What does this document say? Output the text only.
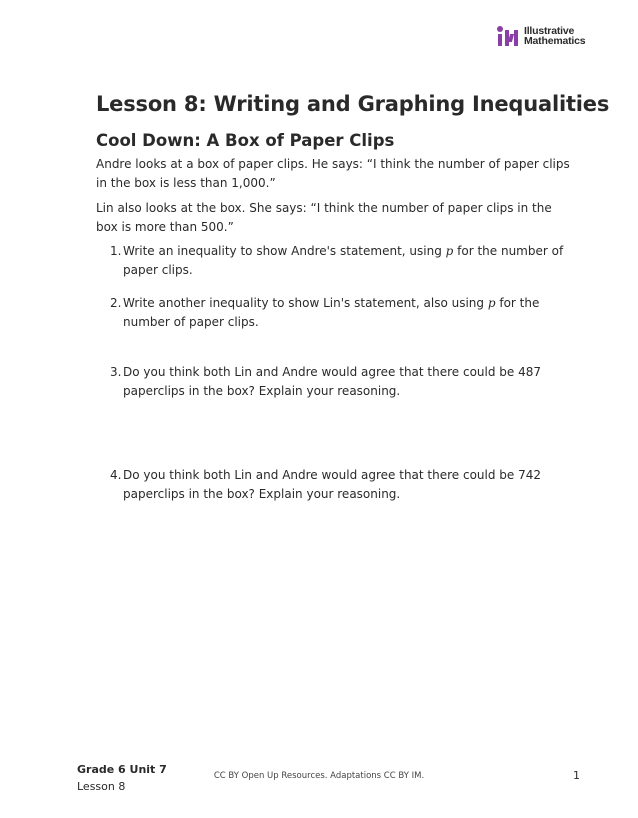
Illustrative
Mathematics
Lesson 8: Writing and Graphing Inequalities
Cool Down: A Box of Paper Clips

Andre looks at a box of paper clips. He says: “I think the number of paper clips in the box is less than 1,000.”

Lin also looks at the box. She says: “I think the number of paper clips in the box is more than 500.”

1. Write an inequality to show Andre's statement, using p for the number of paper clips.
2. Write another inequality to show Lin's statement, also using p for the number of paper clips.
3. Do you think both Lin and Andre would agree that there could be 487 paperclips in the box? Explain your reasoning.
4. Do you think both Lin and Andre would agree that there could be 742 paperclips in the box? Explain your reasoning.
Grade 6 Unit 7
Lesson 8
CC BY Open Up Resources. Adaptations CC BY IM.	1
